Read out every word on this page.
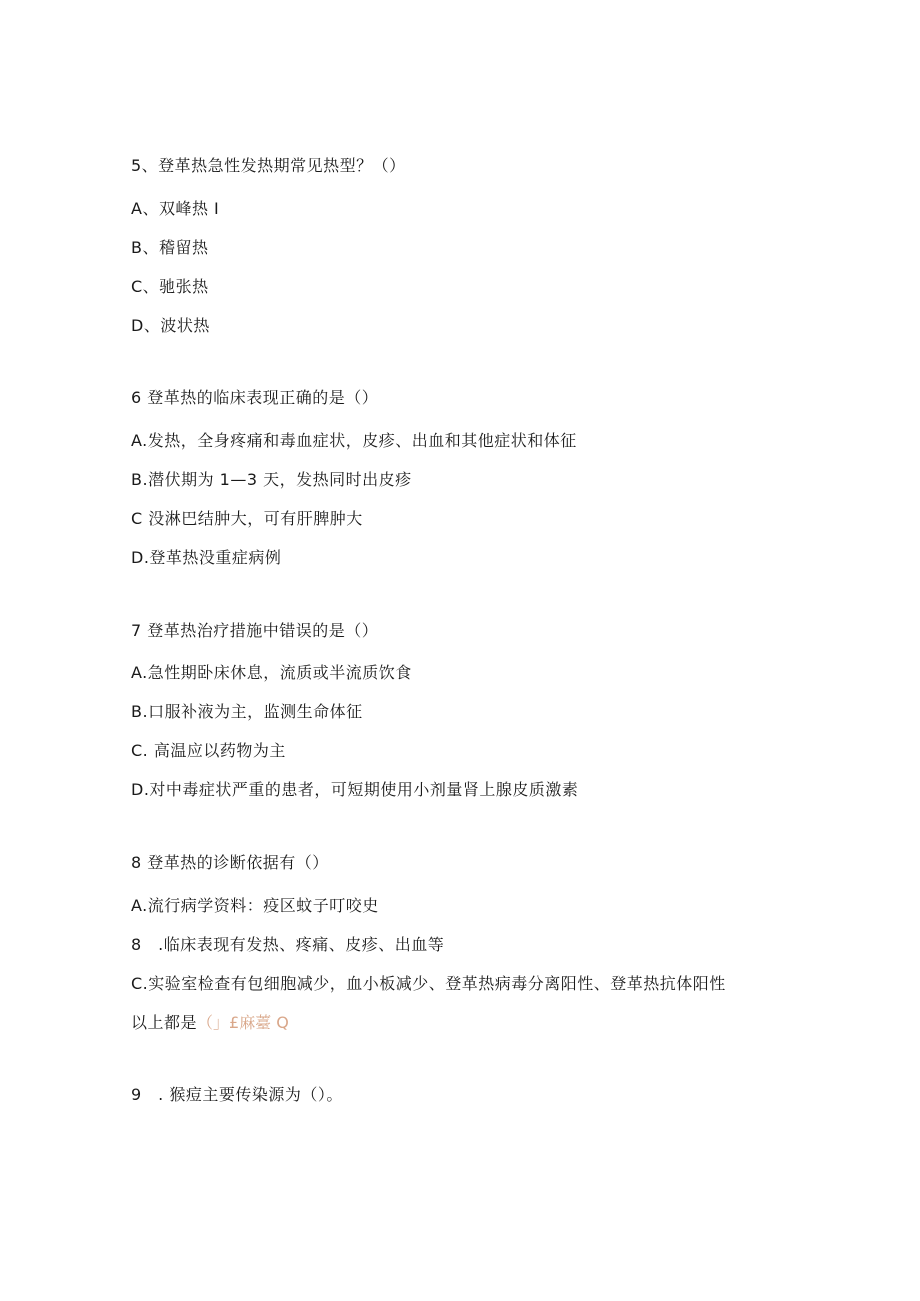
5、登革热急性发热期常见热型？（）
A、双峰热 I
B、稽留热
C、驰张热
D、波状热
6 登革热的临床表现正确的是（）
A.发热，全身疼痛和毒血症状，皮疹、出血和其他症状和体征
B.潜伏期为 1—3 天，发热同时出皮疹
C 没淋巴结肿大，可有肝脾肿大
D.登革热没重症病例
7 登革热治疗措施中错误的是（）
A.急性期卧床休息，流质或半流质饮食
B.口服补液为主，监测生命体征
C. 高温应以药物为主
D.对中毒症状严重的患者，可短期使用小剂量肾上腺皮质激素
8 登革热的诊断依据有（）
A.流行病学资料：疫区蚊子叮咬史
8　.临床表现有发热、疼痛、皮疹、出血等
C.实验室检查有包细胞减少，血小板减少、登革热病毒分离阳性、登革热抗体阳性
以上都是（」£麻薹 Q
9　. 猴痘主要传染源为（）。
